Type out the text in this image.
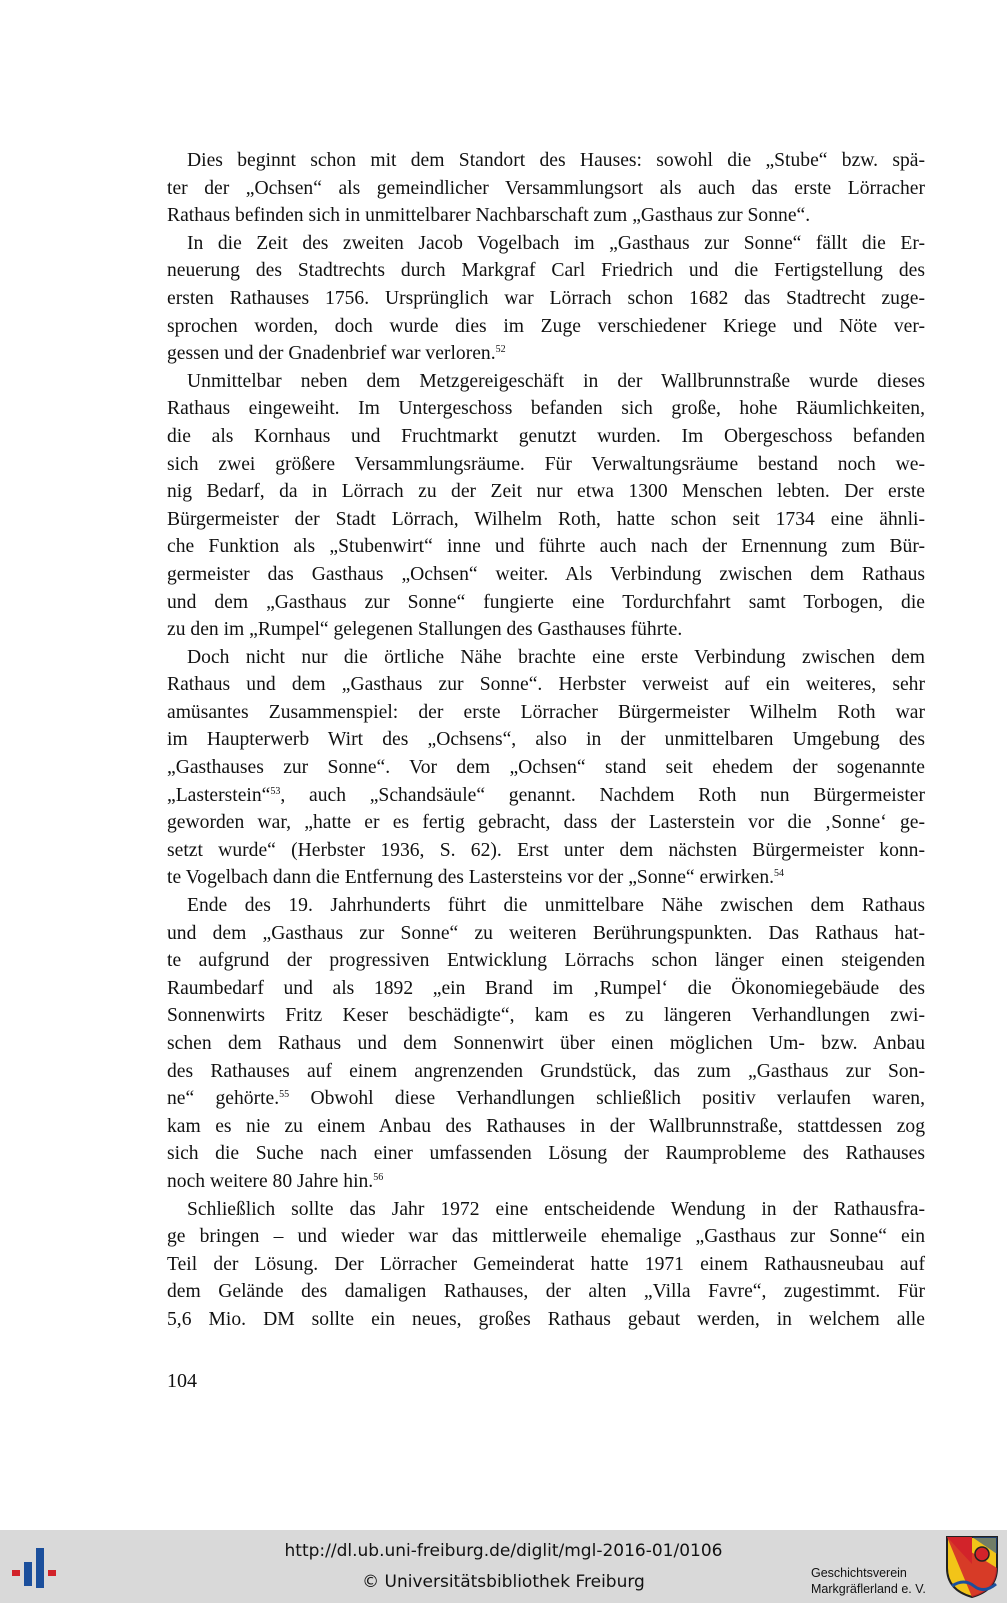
Dies beginnt schon mit dem Standort des Hauses: sowohl die „Stube“ bzw. spä-
ter der „Ochsen“ als gemeindlicher Versammlungsort als auch das erste Lörracher
Rathaus befinden sich in unmittelbarer Nachbarschaft zum „Gasthaus zur Sonne“.

In die Zeit des zweiten Jacob Vogelbach im „Gasthaus zur Sonne“ fällt die Er-
neuerung des Stadtrechts durch Markgraf Carl Friedrich und die Fertigstellung des
ersten Rathauses 1756. Ursprünglich war Lörrach schon 1682 das Stadtrecht zuge-
sprochen worden, doch wurde dies im Zuge verschiedener Kriege und Nöte ver-
gessen und der Gnadenbrief war verloren.$^{52}$

Unmittelbar neben dem Metzgereigeschäft in der Wallbrunnstraße wurde dieses
Rathaus eingeweiht. Im Untergeschoss befanden sich große, hohe Räumlichkeiten,
die als Kornhaus und Fruchtmarkt genutzt wurden. Im Obergeschoss befanden
sich zwei größere Versammlungsräume. Für Verwaltungsräume bestand noch we-
nig Bedarf, da in Lörrach zu der Zeit nur etwa 1300 Menschen lebten. Der erste
Bürgermeister der Stadt Lörrach, Wilhelm Roth, hatte schon seit 1734 eine ähnli-
che Funktion als „Stubenwirt“ inne und führte auch nach der Ernennung zum Bür-
germeister das Gasthaus „Ochsen“ weiter. Als Verbindung zwischen dem Rathaus
und dem „Gasthaus zur Sonne“ fungierte eine Tordurchfahrt samt Torbogen, die
zu den im „Rumpel“ gelegenen Stallungen des Gasthauses führte.

Doch nicht nur die örtliche Nähe brachte eine erste Verbindung zwischen dem
Rathaus und dem „Gasthaus zur Sonne“. Herbster verweist auf ein weiteres, sehr
amüsantes Zusammenspiel: der erste Lörracher Bürgermeister Wilhelm Roth war
im Haupterwerb Wirt des „Ochsens“, also in der unmittelbaren Umgebung des
„Gasthauses zur Sonne“. Vor dem „Ochsen“ stand seit ehedem der sogenannte
„Lasterstein“$^{53}$, auch „Schandsäule“ genannt. Nachdem Roth nun Bürgermeister
geworden war, „hatte er es fertig gebracht, dass der Lasterstein vor die ‚Sonne‘ ge-
setzt wurde“ (Herbster 1936, S. 62). Erst unter dem nächsten Bürgermeister konn-
te Vogelbach dann die Entfernung des Lastersteins vor der „Sonne“ erwirken.$^{54}$

Ende des 19. Jahrhunderts führt die unmittelbare Nähe zwischen dem Rathaus
und dem „Gasthaus zur Sonne“ zu weiteren Berührungspunkten. Das Rathaus hat-
te aufgrund der progressiven Entwicklung Lörrachs schon länger einen steigenden
Raumbedarf und als 1892 „ein Brand im ‚Rumpel‘ die Ökonomiegebäude des
Sonnenwirts Fritz Keser beschädigte“, kam es zu längeren Verhandlungen zwi-
schen dem Rathaus und dem Sonnenwirt über einen möglichen Um- bzw. Anbau
des Rathauses auf einem angrenzenden Grundstück, das zum „Gasthaus zur Son-
ne“ gehörte.$^{55}$ Obwohl diese Verhandlungen schließlich positiv verlaufen waren,
kam es nie zu einem Anbau des Rathauses in der Wallbrunnstraße, stattdessen zog
sich die Suche nach einer umfassenden Lösung der Raumprobleme des Rathauses
noch weitere 80 Jahre hin.$^{56}$

Schließlich sollte das Jahr 1972 eine entscheidende Wendung in der Rathausfra-
ge bringen – und wieder war das mittlerweile ehemalige „Gasthaus zur Sonne“ ein
Teil der Lösung. Der Lörracher Gemeinderat hatte 1971 einem Rathausneubau auf
dem Gelände des damaligen Rathauses, der alten „Villa Favre“, zugestimmt. Für
5,6 Mio. DM sollte ein neues, großes Rathaus gebaut werden, in welchem alle

104
http://dl.ub.uni-freiburg.de/diglit/mgl-2016-01/0106
© Universitätsbibliothek Freiburg	Geschichtsverein
Markgräflerland e. V.
